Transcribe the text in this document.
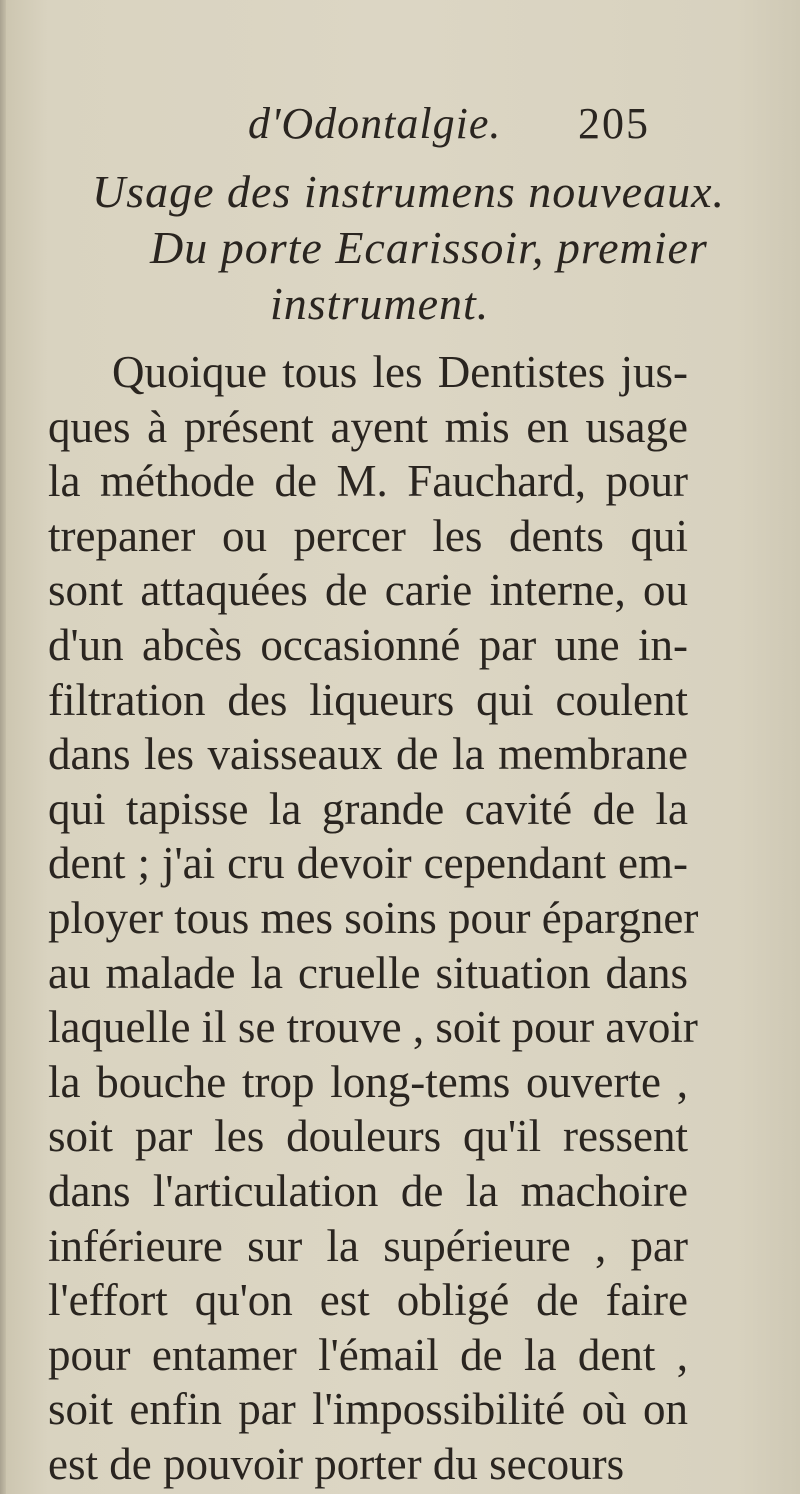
d'Odontalgie. 205
Usage des instrumens nouveaux.
Du porte Ecarissoir, premier
instrument.
Quoique tous les Dentistes jus-
ques à présent ayent mis en usage
la méthode de M. Fauchard, pour
trepaner ou percer les dents qui
sont attaquées de carie interne, ou
d'un abcès occasionné par une in-
filtration des liqueurs qui coulent
dans les vaisseaux de la membrane
qui tapisse la grande cavité de la
dent ; j'ai cru devoir cependant em-
ployer tous mes soins pour épargner
au malade la cruelle situation dans
laquelle il se trouve , soit pour avoir
la bouche trop long-tems ouverte ,
soit par les douleurs qu'il ressent
dans l'articulation de la machoire
inférieure sur la supérieure , par
l'effort qu'on est obligé de faire
pour entamer l'émail de la dent ,
soit enfin par l'impossibilité où on
est de pouvoir porter du secours
